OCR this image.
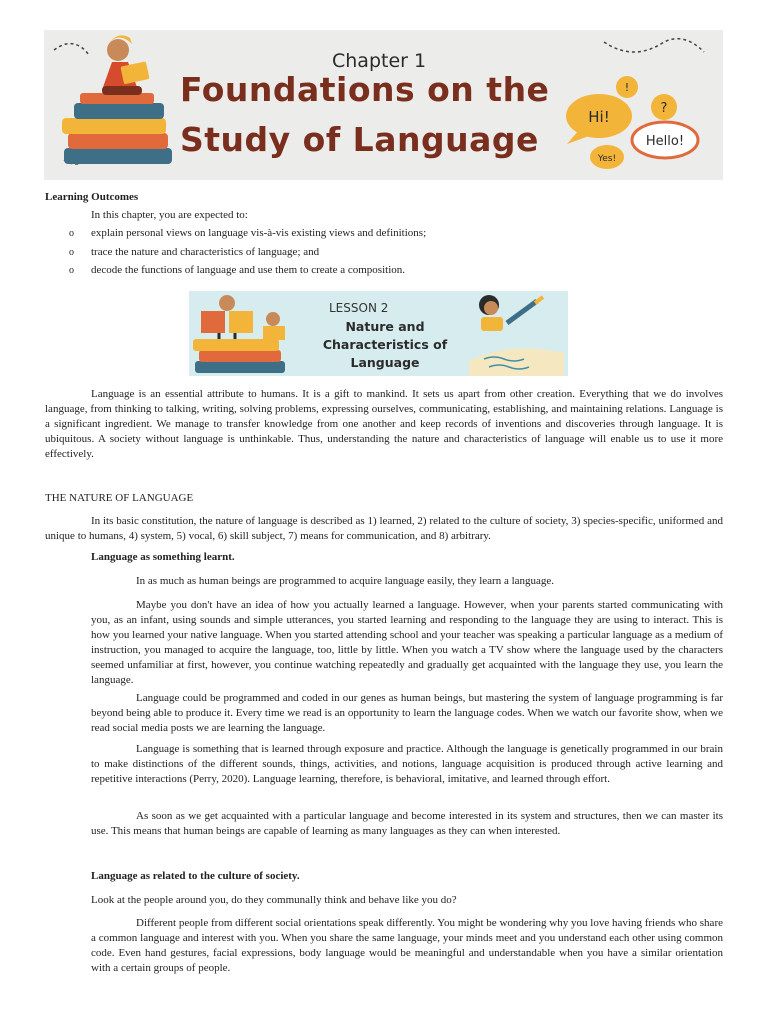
Hi!
Hello!
Yes!
?
!
Chapter 1
Foundations on the
Study of Language
Learning Outcomes
In this chapter, you are expected to:
o explain personal views on language vis-à-vis existing views and definitions;
o trace the nature and characteristics of language; and
o decode the functions of language and use them to create a composition.
LESSON 2
Nature and Characteristics of Language
Language is an essential attribute to humans. It is a gift to mankind. It sets us apart from other creation. Everything that we do involves language, from thinking to talking, writing, solving problems, expressing ourselves, communicating, establishing, and maintaining relations. Language is a significant ingredient. We manage to transfer knowledge from one another and keep records of inventions and discoveries through language. It is ubiquitous. A society without language is unthinkable. Thus, understanding the nature and characteristics of language will enable us to use it more effectively.
THE NATURE OF LANGUAGE
In its basic constitution, the nature of language is described as 1) learned, 2) related to the culture of society, 3) species-specific, uniformed and unique to humans, 4) system, 5) vocal, 6) skill subject, 7) means for communication, and 8) arbitrary.
Language as something learnt.
In as much as human beings are programmed to acquire language easily, they learn a language.
Maybe you don't have an idea of how you actually learned a language. However, when your parents started communicating with you, as an infant, using sounds and simple utterances, you started learning and responding to the language they are using to interact. This is how you learned your native language. When you started attending school and your teacher was speaking a particular language as a medium of instruction, you managed to acquire the language, too, little by little. When you watch a TV show where the language used by the characters seemed unfamiliar at first, however, you continue watching repeatedly and gradually get acquainted with the language they use, you learn the language.
Language could be programmed and coded in our genes as human beings, but mastering the system of language programming is far beyond being able to produce it. Every time we read is an opportunity to learn the language codes. When we watch our favorite show, when we read social media posts we are learning the language.
Language is something that is learned through exposure and practice. Although the language is genetically programmed in our brain to make distinctions of the different sounds, things, activities, and notions, language acquisition is produced through active learning and repetitive interactions (Perry, 2020). Language learning, therefore, is behavioral, imitative, and learned through effort.
As soon as we get acquainted with a particular language and become interested in its system and structures, then we can master its use. This means that human beings are capable of learning as many languages as they can when interested.
Language as related to the culture of society.
Look at the people around you, do they communally think and behave like you do?
Different people from different social orientations speak differently. You might be wondering why you love having friends who share a common language and interest with you. When you share the same language, your minds meet and you understand each other using common code. Even hand gestures, facial expressions, body language would be meaningful and understandable when you have a similar orientation with a certain groups of people.
